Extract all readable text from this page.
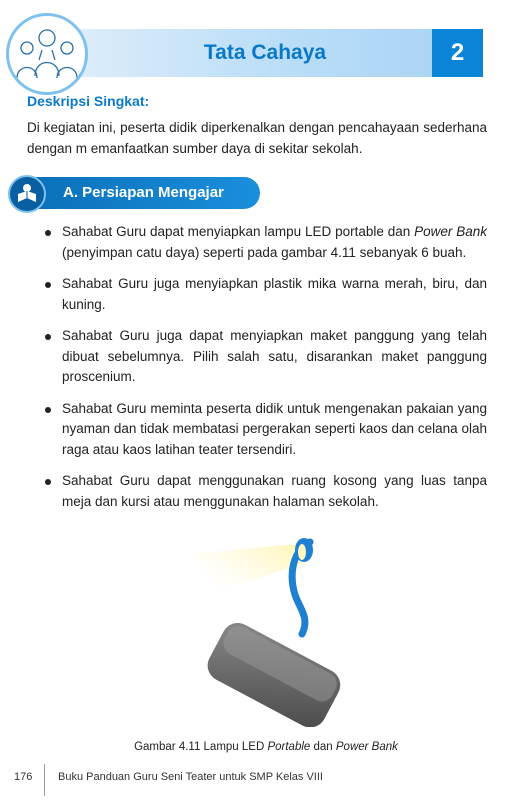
Tata Cahaya	2
Deskripsi Singkat:
Di kegiatan ini, peserta didik diperkenalkan dengan pencahayaan sederhana dengan m emanfaatkan sumber daya di sekitar sekolah.
A. Persiapan Mengajar
Sahabat Guru dapat menyiapkan lampu LED portable dan Power Bank (penyimpan catu daya) seperti pada gambar 4.11 sebanyak 6 buah.
Sahabat Guru juga menyiapkan plastik mika warna merah, biru, dan kuning.
Sahabat Guru juga dapat menyiapkan maket panggung yang telah dibuat sebelumnya. Pilih salah satu, disarankan maket panggung proscenium.
Sahabat Guru meminta peserta didik untuk mengenakan pakaian yang nyaman dan tidak membatasi pergerakan seperti kaos dan celana olah raga atau kaos latihan teater tersendiri.
Sahabat Guru dapat menggunakan ruang kosong yang luas tanpa meja dan kursi atau menggunakan halaman sekolah.
Gambar 4.11 Lampu LED Portable dan Power Bank
176 Buku Panduan Guru Seni Teater untuk SMP Kelas VIII
